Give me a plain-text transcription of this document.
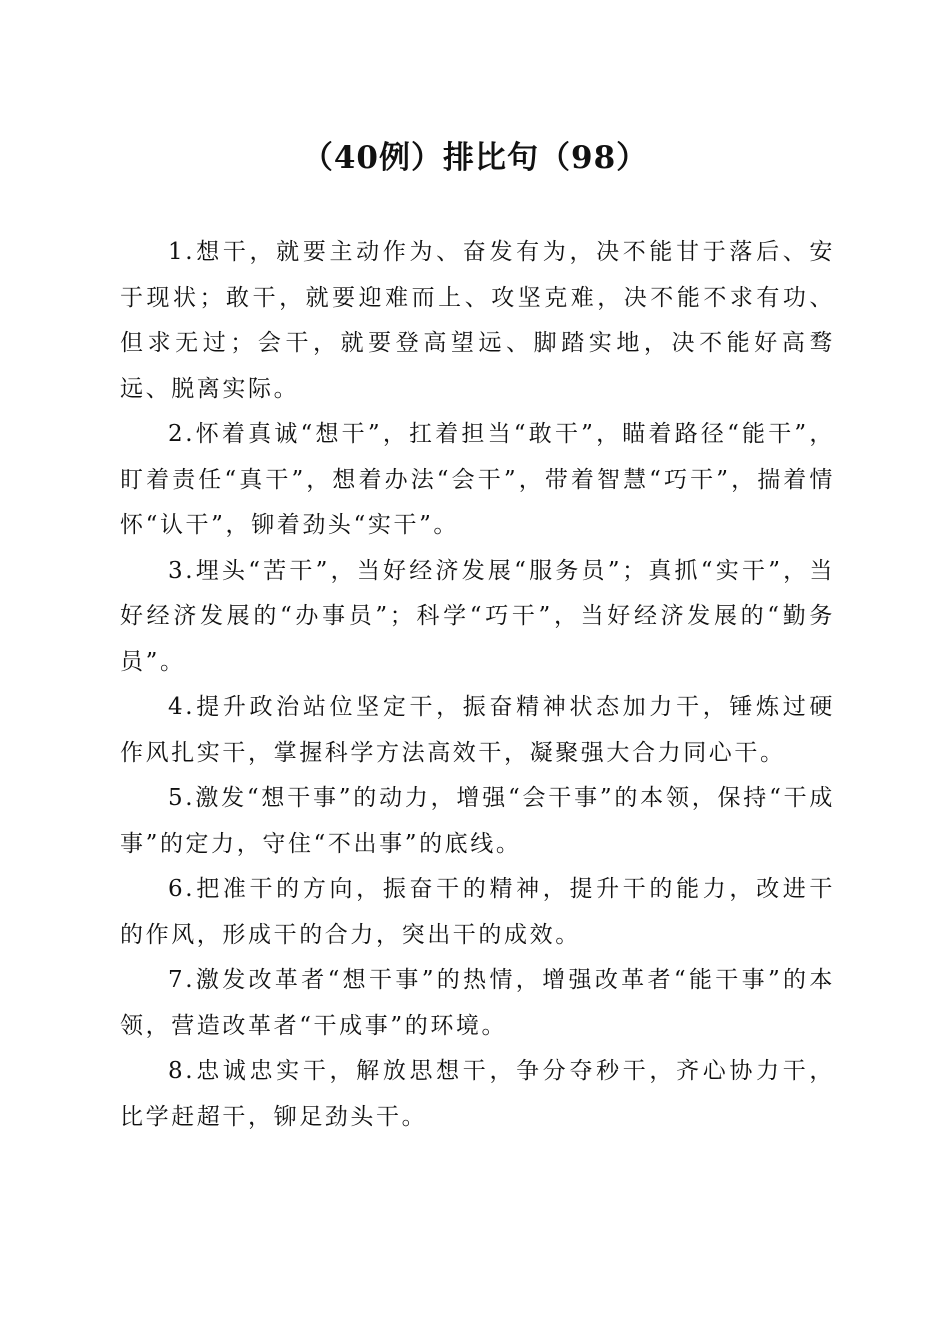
（40例）排比句（98）

1.想干，就要主动作为、奋发有为，决不能甘于落后、安于现状；敢干，就要迎难而上、攻坚克难，决不能不求有功、但求无过；会干，就要登高望远、脚踏实地，决不能好高骛远、脱离实际。

2.怀着真诚“想干”，扛着担当“敢干”，瞄着路径“能干”，盯着责任“真干”，想着办法“会干”，带着智慧“巧干”，揣着情怀“认干”，铆着劲头“实干”。

3.埋头“苦干”，当好经济发展“服务员”；真抓“实干”，当好经济发展的“办事员”；科学“巧干”，当好经济发展的“勤务员”。

4.提升政治站位坚定干，振奋精神状态加力干，锤炼过硬作风扎实干，掌握科学方法高效干，凝聚强大合力同心干。

5.激发“想干事”的动力，增强“会干事”的本领，保持“干成事”的定力，守住“不出事”的底线。

6.把准干的方向，振奋干的精神，提升干的能力，改进干的作风，形成干的合力，突出干的成效。

7.激发改革者“想干事”的热情，增强改革者“能干事”的本领，营造改革者“干成事”的环境。

8.忠诚忠实干，解放思想干，争分夺秒干，齐心协力干，比学赶超干，铆足劲头干。
